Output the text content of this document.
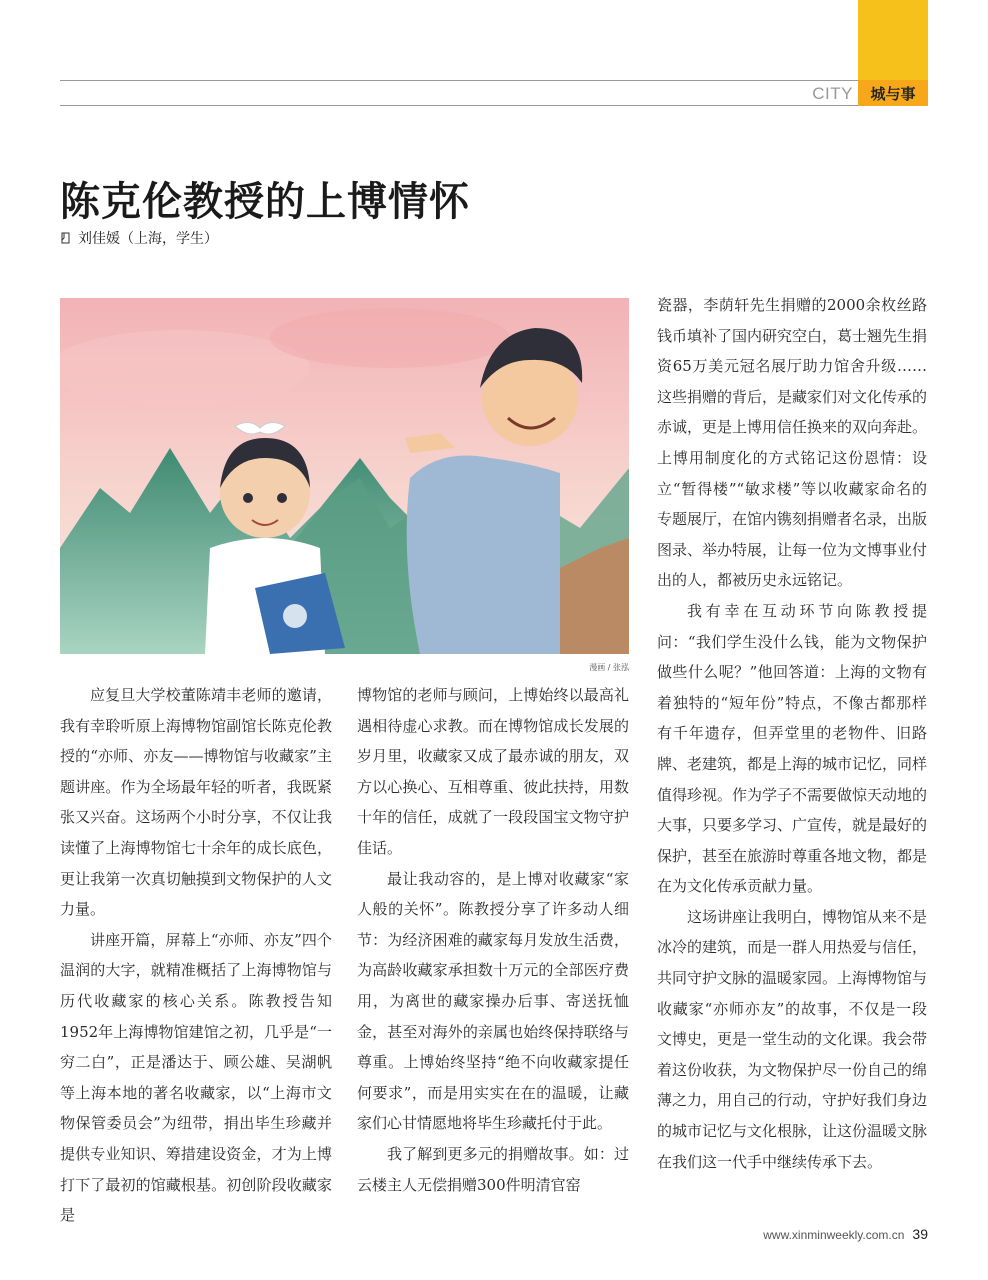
CITY	城与事
陈克伦教授的上博情怀
刘佳媛（上海，学生）
漫画 / 张泓

应复旦大学校董陈靖丰老师的邀请，我有幸聆听原上海博物馆副馆长陈克伦教授的“亦师、亦友——博物馆与收藏家”主题讲座。作为全场最年轻的听者，我既紧张又兴奋。这场两个小时分享，不仅让我读懂了上海博物馆七十余年的成长底色，更让我第一次真切触摸到文物保护的人文力量。

讲座开篇，屏幕上“亦师、亦友”四个温润的大字，就精准概括了上海博物馆与历代收藏家的核心关系。陈教授告知1952年上海博物馆建馆之初，几乎是“一穷二白”，正是潘达于、顾公雄、吴湖帆等上海本地的著名收藏家，以“上海市文物保管委员会”为纽带，捐出毕生珍藏并提供专业知识、筹措建设资金，才为上博打下了最初的馆藏根基。初创阶段收藏家是

博物馆的老师与顾问，上博始终以最高礼遇相待虚心求教。而在博物馆成长发展的岁月里，收藏家又成了最赤诚的朋友，双方以心换心、互相尊重、彼此扶持，用数十年的信任，成就了一段段国宝文物守护佳话。

最让我动容的，是上博对收藏家“家人般的关怀”。陈教授分享了许多动人细节：为经济困难的藏家每月发放生活费，为高龄收藏家承担数十万元的全部医疗费用，为离世的藏家操办后事、寄送抚恤金，甚至对海外的亲属也始终保持联络与尊重。上博始终坚持“绝不向收藏家提任何要求”，而是用实实在在的温暖，让藏家们心甘情愿地将毕生珍藏托付于此。

我了解到更多元的捐赠故事。如：过云楼主人无偿捐赠300件明清官窑

瓷器，李荫轩先生捐赠的2000余枚丝路钱币填补了国内研究空白，葛士翘先生捐资65万美元冠名展厅助力馆舍升级……这些捐赠的背后，是藏家们对文化传承的赤诚，更是上博用信任换来的双向奔赴。上博用制度化的方式铭记这份恩情：设立“暂得楼”“敏求楼”等以收藏家命名的专题展厅，在馆内镌刻捐赠者名录，出版图录、举办特展，让每一位为文博事业付出的人，都被历史永远铭记。

我有幸在互动环节向陈教授提问：“我们学生没什么钱，能为文物保护做些什么呢？”他回答道：上海的文物有着独特的“短年份”特点，不像古都那样有千年遗存，但弄堂里的老物件、旧路牌、老建筑，都是上海的城市记忆，同样值得珍视。作为学子不需要做惊天动地的大事，只要多学习、广宣传，就是最好的保护，甚至在旅游时尊重各地文物，都是在为文化传承贡献力量。

这场讲座让我明白，博物馆从来不是冰冷的建筑，而是一群人用热爱与信任，共同守护文脉的温暖家园。上海博物馆与收藏家“亦师亦友”的故事，不仅是一段文博史，更是一堂生动的文化课。我会带着这份收获，为文物保护尽一份自己的绵薄之力，用自己的行动，守护好我们身边的城市记忆与文化根脉，让这份温暖文脉在我们这一代手中继续传承下去。

www.xinminweekly.com.cn 39
